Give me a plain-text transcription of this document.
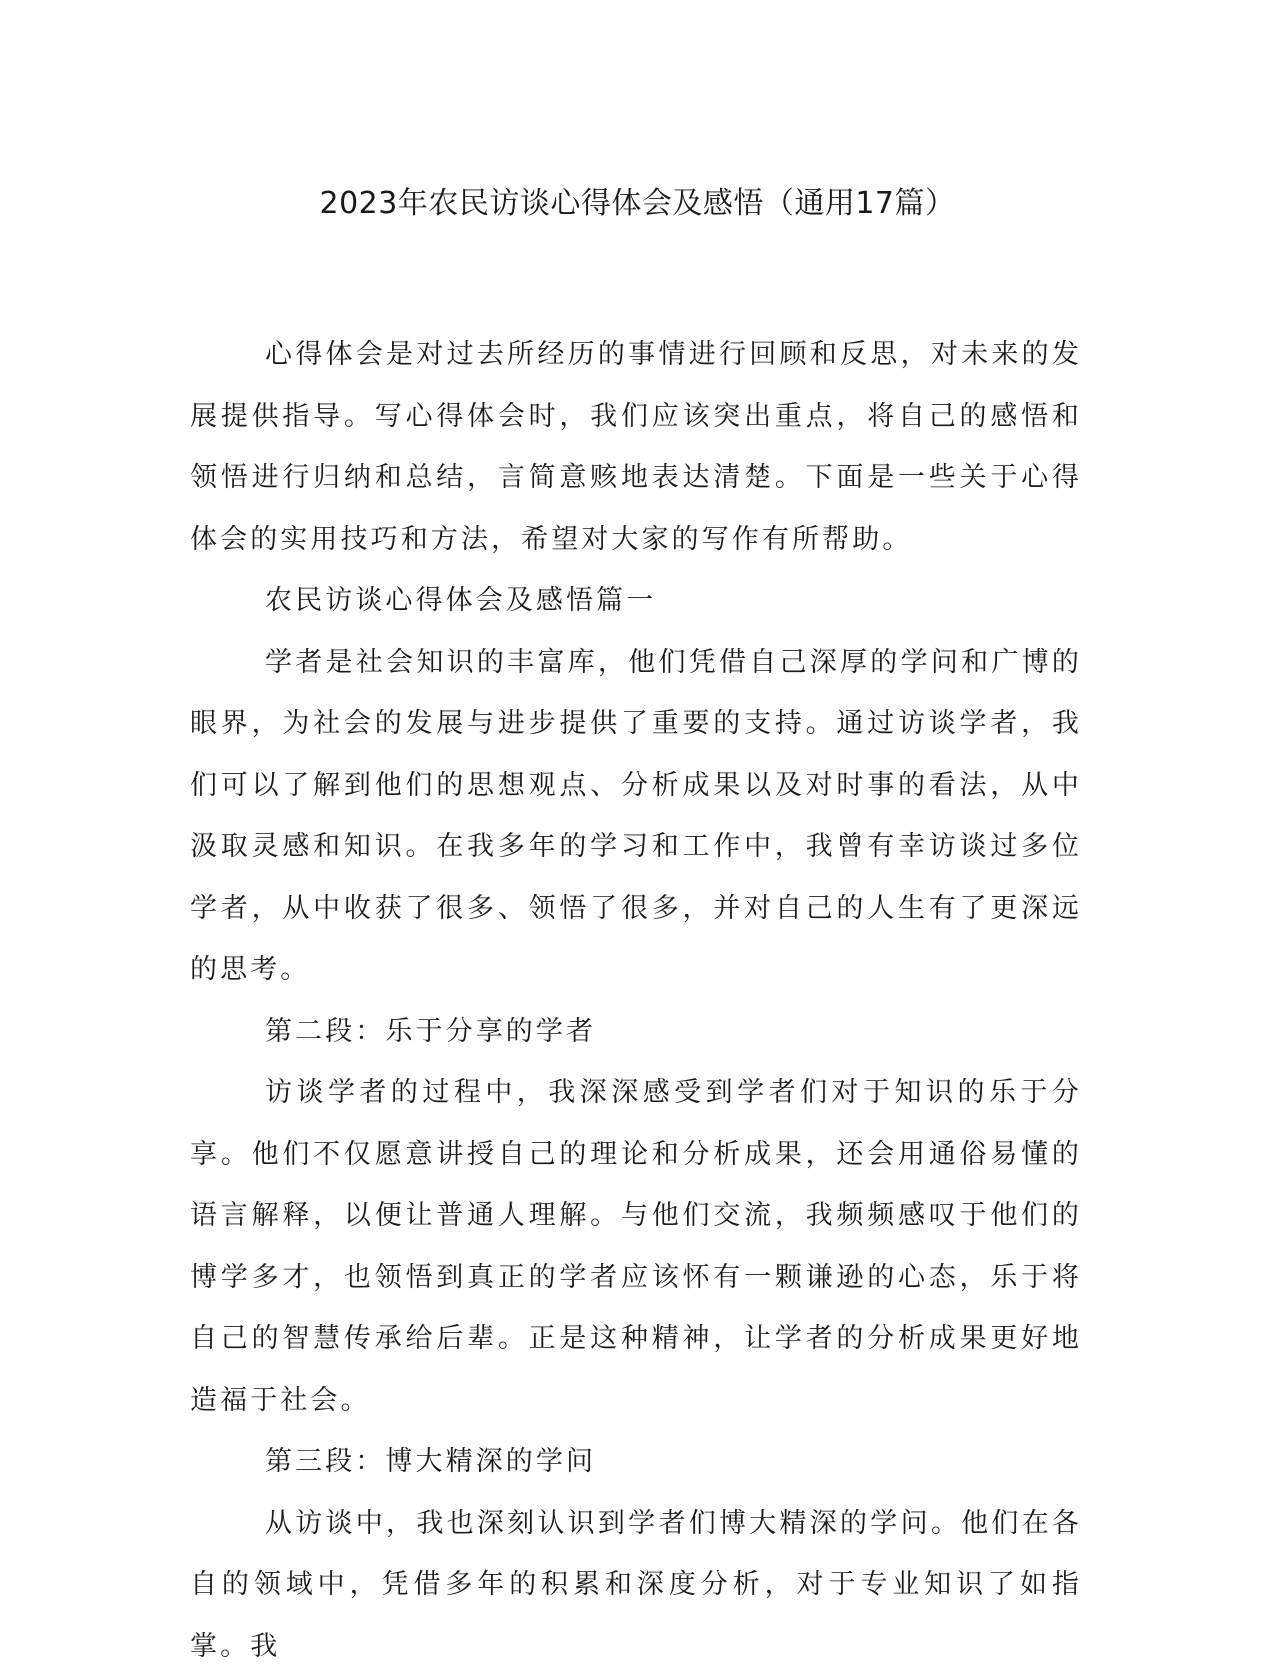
2023年农民访谈心得体会及感悟（通用17篇）

心得体会是对过去所经历的事情进行回顾和反思，对未来的发展提供指导。写心得体会时，我们应该突出重点，将自己的感悟和领悟进行归纳和总结，言简意赅地表达清楚。下面是一些关于心得体会的实用技巧和方法，希望对大家的写作有所帮助。

农民访谈心得体会及感悟篇一

学者是社会知识的丰富库，他们凭借自己深厚的学问和广博的眼界，为社会的发展与进步提供了重要的支持。通过访谈学者，我们可以了解到他们的思想观点、分析成果以及对时事的看法，从中汲取灵感和知识。在我多年的学习和工作中，我曾有幸访谈过多位学者，从中收获了很多、领悟了很多，并对自己的人生有了更深远的思考。

第二段：乐于分享的学者

访谈学者的过程中，我深深感受到学者们对于知识的乐于分享。他们不仅愿意讲授自己的理论和分析成果，还会用通俗易懂的语言解释，以便让普通人理解。与他们交流，我频频感叹于他们的博学多才，也领悟到真正的学者应该怀有一颗谦逊的心态，乐于将自己的智慧传承给后辈。正是这种精神，让学者的分析成果更好地造福于社会。

第三段：博大精深的学问

从访谈中，我也深刻认识到学者们博大精深的学问。他们在各自的领域中，凭借多年的积累和深度分析，对于专业知识了如指掌。我
